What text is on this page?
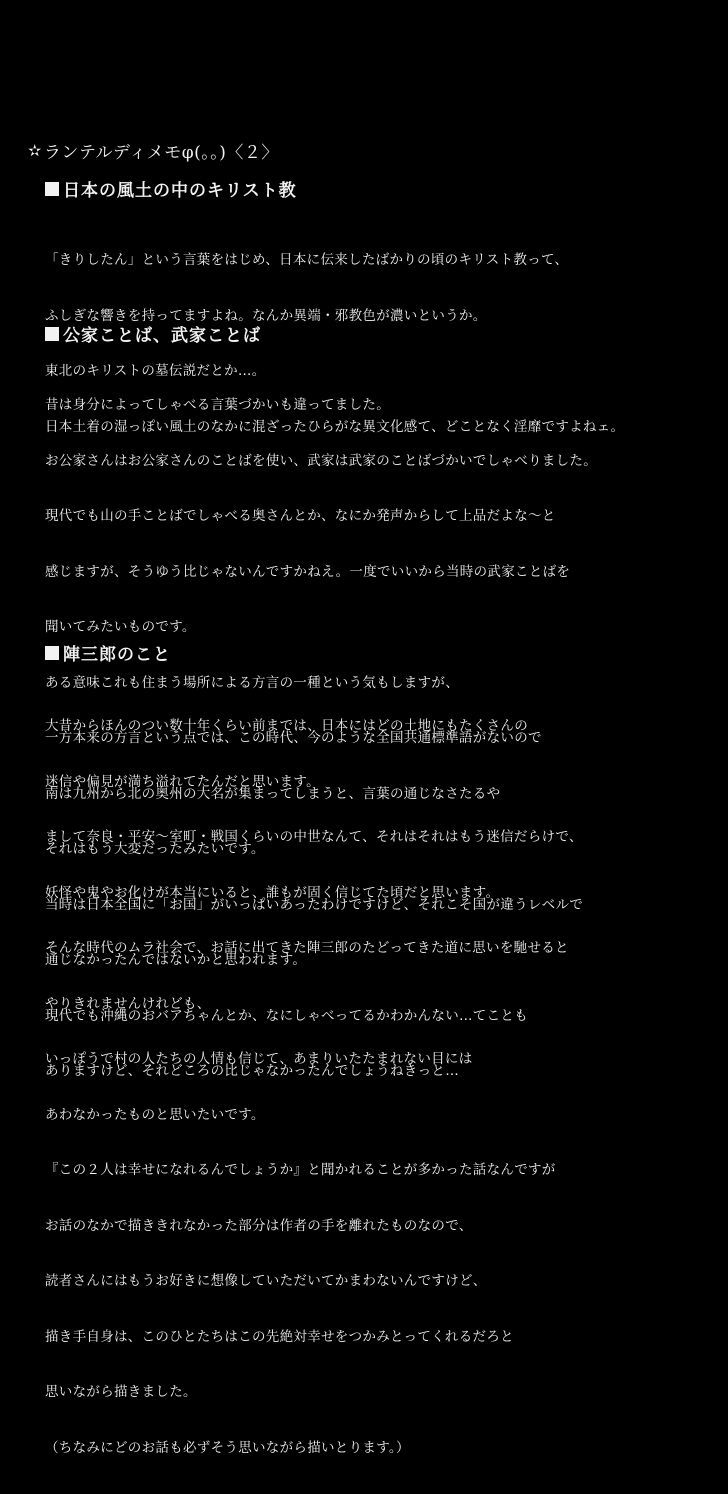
✫ ランテルディメモφ(。。)〈２〉
日本の風土の中のキリスト教

「きりしたん」という言葉をはじめ、日本に伝来したばかりの頃のキリスト教って、

ふしぎな響きを持ってますよね。なんか異端・邪教色が濃いというか。

東北のキリストの墓伝説だとか…。

日本土着の湿っぽい風土のなかに混ざったひらがな異文化感て、どことなく淫靡ですよねェ。

公家ことば、武家ことば

昔は身分によってしゃべる言葉づかいも違ってました。

お公家さんはお公家さんのことばを使い、武家は武家のことばづかいでしゃべりました。

現代でも山の手ことばでしゃべる奥さんとか、なにか発声からして上品だよな～と

感じますが、そうゆう比じゃないんですかねえ。一度でいいから当時の武家ことばを

聞いてみたいものです。

ある意味これも住まう場所による方言の一種という気もしますが、

一方本来の方言という点では、この時代、今のような全国共通標準語がないので

南は九州から北の奥州の大名が集まってしまうと、言葉の通じなさたるや

それはもう大変だったみたいです。

当時は日本全国に「お国」がいっぱいあったわけですけど、それこそ国が違うレベルで

通じなかったんではないかと思われます。

現代でも沖縄のおバアちゃんとか、なにしゃべってるかわかんない…てことも

ありますけど、それどころの比じゃなかったんでしょうねきっと…

陣三郎のこと

大昔からほんのつい数十年くらい前までは、日本にはどの土地にもたくさんの

迷信や偏見が満ち溢れてたんだと思います。

まして奈良・平安～室町・戦国くらいの中世なんて、それはそれはもう迷信だらけで、

妖怪や鬼やお化けが本当にいると、誰もが固く信じてた頃だと思います。

そんな時代のムラ社会で、お話に出てきた陣三郎のたどってきた道に思いを馳せると

やりきれませんけれども、

いっぽうで村の人たちの人情も信じて、あまりいたたまれない目には

あわなかったものと思いたいです。

『この２人は幸せになれるんでしょうか』と聞かれることが多かった話なんですが

お話のなかで描ききれなかった部分は作者の手を離れたものなので、

読者さんにはもうお好きに想像していただいてかまわないんですけど、

描き手自身は、このひとたちはこの先絶対幸せをつかみとってくれるだろと

思いながら描きました。

（ちなみにどのお話も必ずそう思いながら描いとります。）
